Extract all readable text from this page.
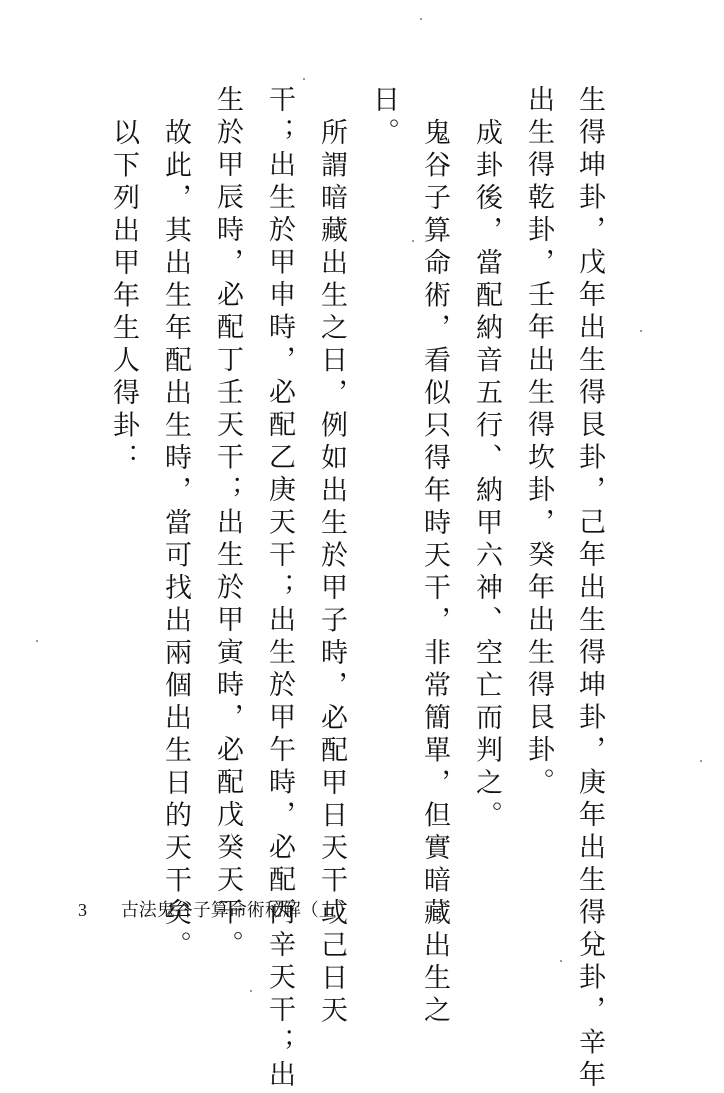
生得坤卦，戊年出生得艮卦，己年出生得坤卦，庚年出生得兌卦，辛年
出生得乾卦，壬年出生得坎卦，癸年出生得艮卦。
成卦後，當配納音五行、納甲六神、空亡而判之。
鬼谷子算命術，看似只得年時天干，非常簡單，但實暗藏出生之
日。
所謂暗藏出生之日，例如出生於甲子時，必配甲日天干或己日天
干；出生於甲申時，必配乙庚天干；出生於甲午時，必配丙辛天干；出
生於甲辰時，必配丁壬天干；出生於甲寅時，必配戊癸天干。
故此，其出生年配出生時，當可找出兩個出生日的天干矣。
以下列出甲年生人得卦：
3 古法鬼谷子算命術秘解（上）
